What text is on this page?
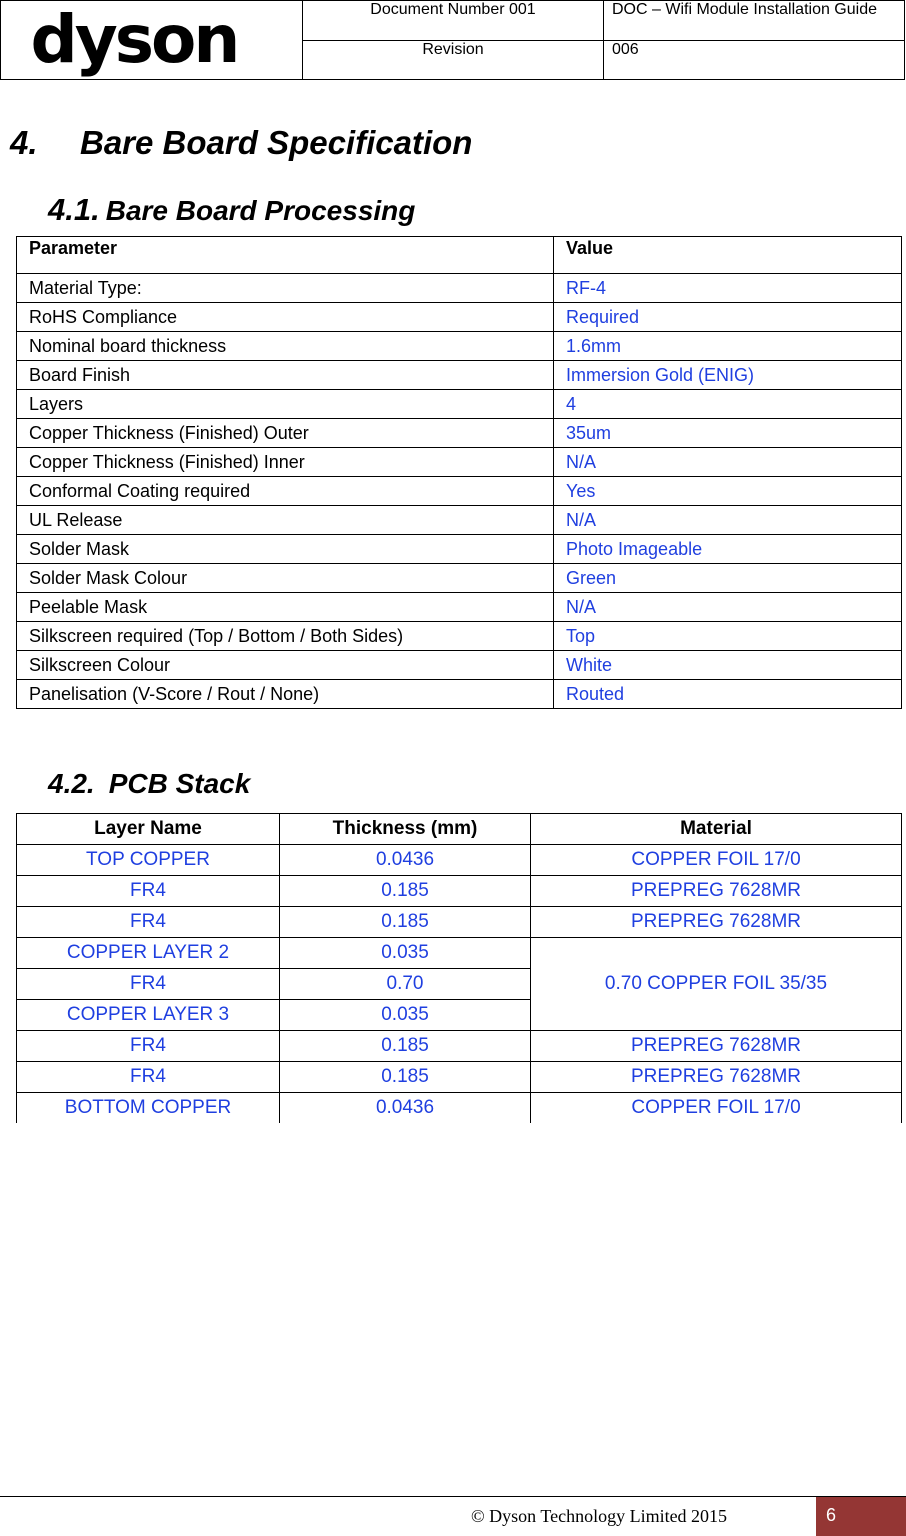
dyson	Document Number 001	DOC – Wifi Module Installation Guide
	Revision	006
4. Bare Board Specification
4.1. Bare Board Processing
Parameter	Value
Material Type:	RF-4
RoHS Compliance	Required
Nominal board thickness	1.6mm
Board Finish	Immersion Gold (ENIG)
Layers	4
Copper Thickness (Finished) Outer	35um
Copper Thickness (Finished) Inner	N/A
Conformal Coating required	Yes
UL Release	N/A
Solder Mask	Photo Imageable
Solder Mask Colour	Green
Peelable Mask	N/A
Silkscreen required (Top / Bottom / Both Sides)	Top
Silkscreen Colour	White
Panelisation (V-Score / Rout / None)	Routed
4.2. PCB Stack
Layer Name	Thickness (mm)	Material
TOP COPPER	0.0436	COPPER FOIL 17/0
FR4	0.185	PREPREG 7628MR
FR4	0.185	PREPREG 7628MR
COPPER LAYER 2	0.035	0.70 COPPER FOIL 35/35
FR4	0.70	
COPPER LAYER 3	0.035	
FR4	0.185	PREPREG 7628MR
FR4	0.185	PREPREG 7628MR
BOTTOM COPPER	0.0436	COPPER FOIL 17/0
© Dyson Technology Limited 2015	6
